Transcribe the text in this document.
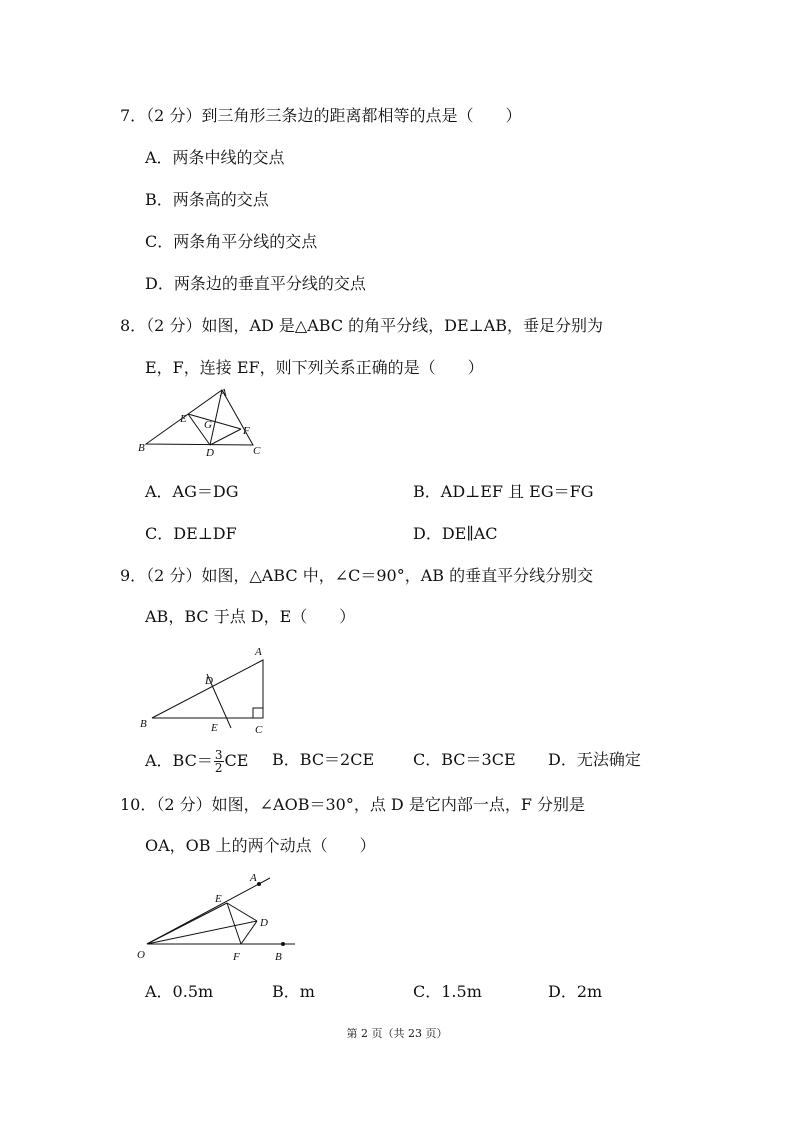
7．（2 分）到三角形三条边的距离都相等的点是（　　）
A．两条中线的交点
B．两条高的交点
C．两条角平分线的交点
D．两条边的垂直平分线的交点
8．（2 分）如图，AD 是△ABC 的角平分线，DE⊥AB，垂足分别为
E，F，连接 EF，则下列关系正确的是（　　）
A
B	C
D
E
F
G
A．AG＝DG	B．AD⊥EF 且 EG＝FG
C．DE⊥DF	D．DE∥AC
9．（2 分）如图，△ABC 中，∠C＝90°，AB 的垂直平分线分别交
AB，BC 于点 D，E（　　）
A
B	C
D
E
A．$BC= \frac{3}{2}$ CE B．BC＝2CE C．BC＝3CE D．无法确定
10．（2 分）如图，∠AOB＝30°，点 D 是它内部一点，F 分别是
OA，OB 上的两个动点（　　）
A
B
O
D
E
F
A．0.5m	B．m	C．1.5m	D．2m
第 2 页（共 23 页）
